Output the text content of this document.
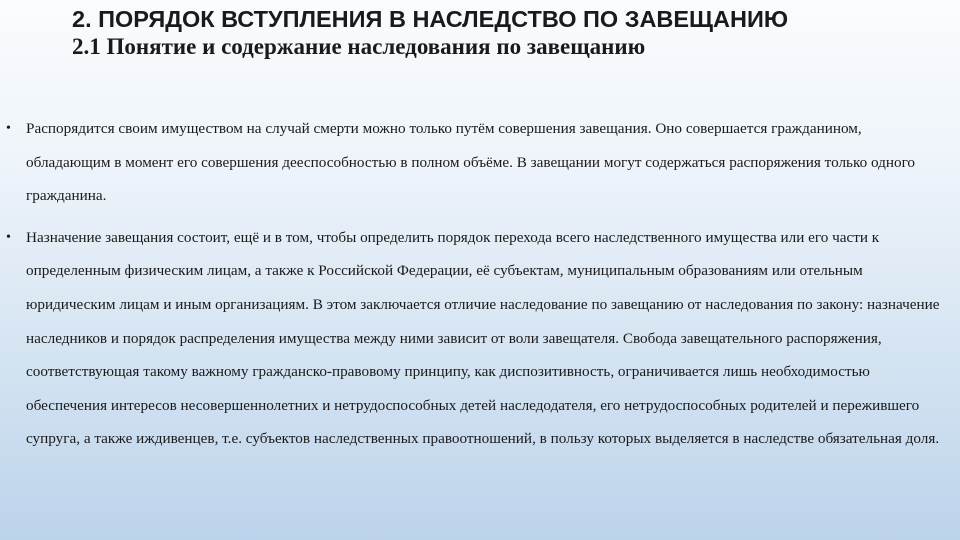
2. ПОРЯДОК ВСТУПЛЕНИЯ В НАСЛЕДСТВО ПО ЗАВЕЩАНИЮ

2.1 Понятие и содержание наследования по завещанию

• Распорядится своим имуществом на случай смерти можно только путём совершения завещания. Оно совершается гражданином, обладающим в момент его совершения дееспособностью в полном объёме. В завещании могут содержаться распоряжения только одного гражданина.
• Назначение завещания состоит, ещё и в том, чтобы определить порядок перехода всего наследственного имущества или его части к определенным физическим лицам, а также к Российской Федерации, её субъектам, муниципальным образованиям или отельным юридическим лицам и иным организациям. В этом заключается отличие наследование по завещанию от наследования по закону: назначение наследников и порядок распределения имущества между ними зависит от воли завещателя. Свобода завещательного распоряжения, соответствующая такому важному гражданско-правовому принципу, как диспозитивность, ограничивается лишь необходимостью обеспечения интересов несовершеннолетних и нетрудоспособных детей наследодателя, его нетрудоспособных родителей и пережившего супруга, а также иждивенцев, т.е. субъектов наследственных правоотношений, в пользу которых выделяется в наследстве обязательная доля.
